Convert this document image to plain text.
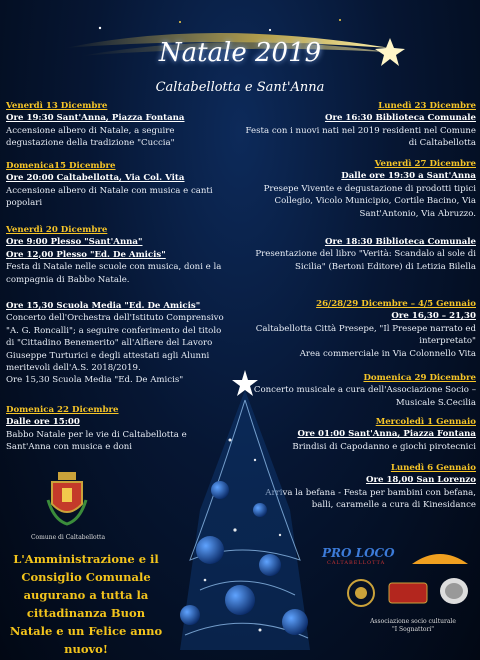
Natale 2019
Caltabellotta e Sant'Anna
Venerdì 13 Dicembre
Ore 19:30 Sant'Anna, Piazza Fontana
Accensione albero di Natale, a seguire degustazione della tradizione "Cuccia"
Domenica15 Dicembre
Ore 20:00 Caltabellotta, Via Col. Vita
Accensione albero di Natale con musica e canti popolari
Venerdì 20 Dicembre
Ore 9:00 Plesso "Sant'Anna"
Ore 12,00 Plesso "Ed. De Amicis"
Festa di Natale nelle scuole con musica, doni e la compagnia di Babbo Natale.
Ore 15,30 Scuola Media "Ed. De Amicis"
Concerto dell'Orchestra dell'Istituto Comprensivo "A. G. Roncalli"; a seguire conferimento del titolo di "Cittadino Benemerito" all'Alfiere del Lavoro Giuseppe Turturici e degli attestati agli Alunni meritevoli dell'A.S. 2018/2019.
Ore 15,30 Scuola Media "Ed. De Amicis"
Domenica 22 Dicembre
Dalle ore 15:00
Babbo Natale per le vie di Caltabellotta e Sant'Anna con musica e doni
Lunedì 23 Dicembre
Ore 16:30 Biblioteca Comunale
Festa con i nuovi nati nel 2019 residenti nel Comune di Caltabellotta
Venerdì 27 Dicembre
Dalle ore 19:30 a Sant'Anna
Presepe Vivente e degustazione di prodotti tipici Collegio, Vicolo Municipio, Cortile Bacino, Via Sant'Antonio, Via Abruzzo.
Ore 18:30 Biblioteca Comunale
Presentazione del libro "Verità: Scandalo al sole di Sicilia" (Bertoni Editore) di Letizia Bilella
26/28/29 Dicembre – 4/5 Gennaio
Ore 16,30 – 21,30
Caltabellotta Città Presepe, "Il Presepe narrato ed interpretato"
Area commerciale in Via Colonnello Vita
Domenica 29 Dicembre
Concerto musicale a cura dell'Associazione Socio – Musicale S.Cecilia
Mercoledì 1 Gennaio
Ore 01:00 Sant'Anna, Piazza Fontana
Brindisi di Capodanno e giochi pirotecnici
Lunedì 6 Gennaio
Ore 18,00 San Lorenzo
Arriva la befana - Festa per bambini con befana, balli, caramelle a cura di Kinesidance
Comune di Caltabellotta
L'Amministrazione e il Consiglio Comunale augurano a tutta la cittadinanza Buon Natale e un Felice anno nuovo!
PRO LOCO
CALTABELLOTTA
Associazione socio culturale
"I Sognattori"
